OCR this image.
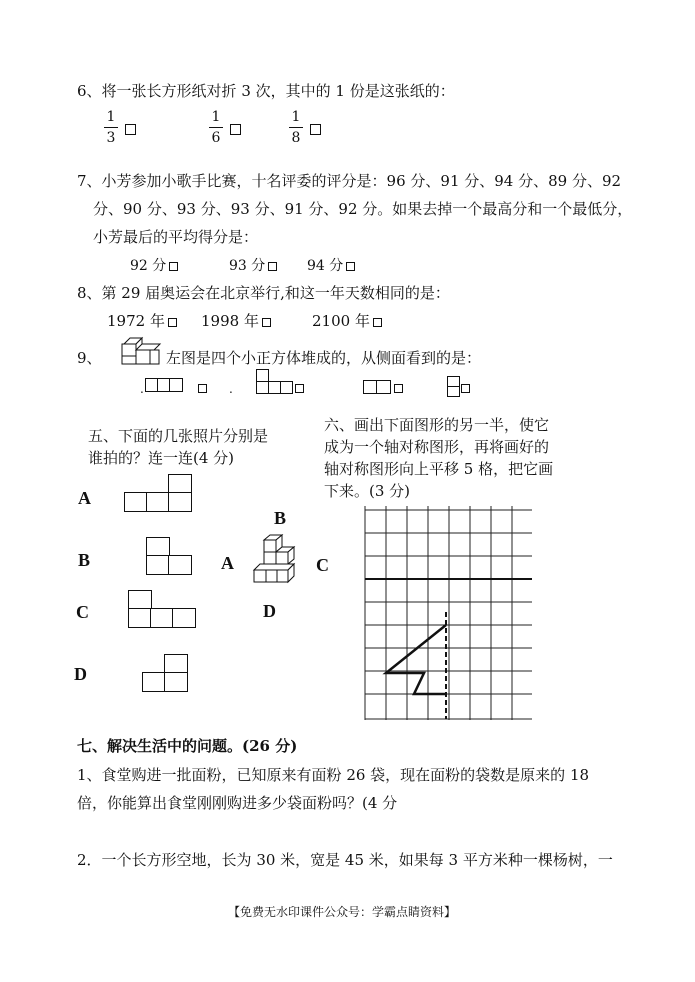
6、将一张长方形纸对折 3 次，其中的 1 份是这张纸的：
1
3
1
6
1
8
7、小芳参加小歌手比赛，十名评委的评分是：96 分、91 分、94 分、89 分、92
分、90 分、93 分、93 分、91 分、92 分。如果去掉一个最高分和一个最低分，
小芳最后的平均得分是：
92 分	93 分	94 分
8、第 29 届奥运会在北京举行,和这一年天数相同的是：
1972 年	1998 年	2100 年
9、	左图是四个小正方体堆成的，从侧面看到的是：
.	.
五、下面的几张照片分别是
谁拍的？连一连(4 分)
A
B
C
D
B
A	C
D
六、画出下面图形的另一半，使它
成为一个轴对称图形，再将画好的
轴对称图形向上平移 5 格，把它画
下来。(3 分)
七、解决生活中的问题。(26 分)
1、食堂购进一批面粉，已知原来有面粉 26 袋，现在面粉的袋数是原来的 18
倍，你能算出食堂刚刚购进多少袋面粉吗？(4 分
2．一个长方形空地，长为 30 米，宽是 45 米，如果每 3 平方米种一棵杨树，一
【免费无水印课件公众号：学霸点睛资料】
